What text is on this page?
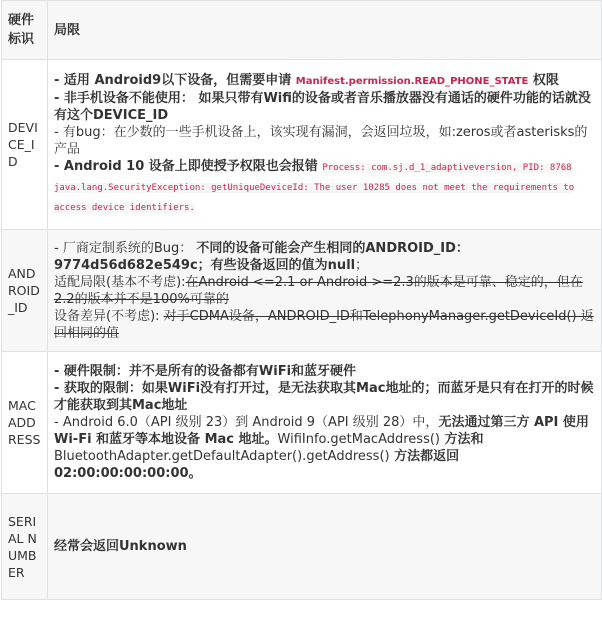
硬件标识	局限
DEVICE_ID	- 适用 Android9以下设备，但需要申请 Manifest.permission.READ_PHONE_STATE 权限
- 非手机设备不能使用： 如果只带有Wifi的设备或者音乐播放器没有通话的硬件功能的话就没有这个DEVICE_ID
- 有bug：在少数的一些手机设备上，该实现有漏洞，会返回垃圾，如:zeros或者asterisks的产品
- Android 10 设备上即使授予权限也会报错 Process: com.sj.d_1_adaptiveversion, PID: 8768 java.lang.SecurityException: getUniqueDeviceId: The user 10285 does not meet the requirements to access device identifiers.

ANDROID_ID	- 厂商定制系统的Bug： 不同的设备可能会产生相同的ANDROID_ID：9774d56d682e549c；有些设备返回的值为null；
适配局限(基本不考虑):在Android <=2.1 or Android >=2.3的版本是可靠、稳定的，但在2.2的版本并不是100%可靠的
设备差异(不考虑): 对于CDMA设备，ANDROID_ID和TelephonyManager.getDeviceId() 返回相同的值

MAC ADDRESS	- 硬件限制：并不是所有的设备都有WiFi和蓝牙硬件
- 获取的限制：如果WiFi没有打开过，是无法获取其Mac地址的；而蓝牙是只有在打开的时候才能获取到其Mac地址
- Android 6.0（API 级别 23）到 Android 9（API 级别 28）中，无法通过第三方 API 使用 Wi-Fi 和蓝牙等本地设备 Mac 地址。WifiInfo.getMacAddress() 方法和 BluetoothAdapter.getDefaultAdapter().getAddress() 方法都返回 02:00:00:00:00:00。

SERIAL NUMBER	经常会返回Unknown
